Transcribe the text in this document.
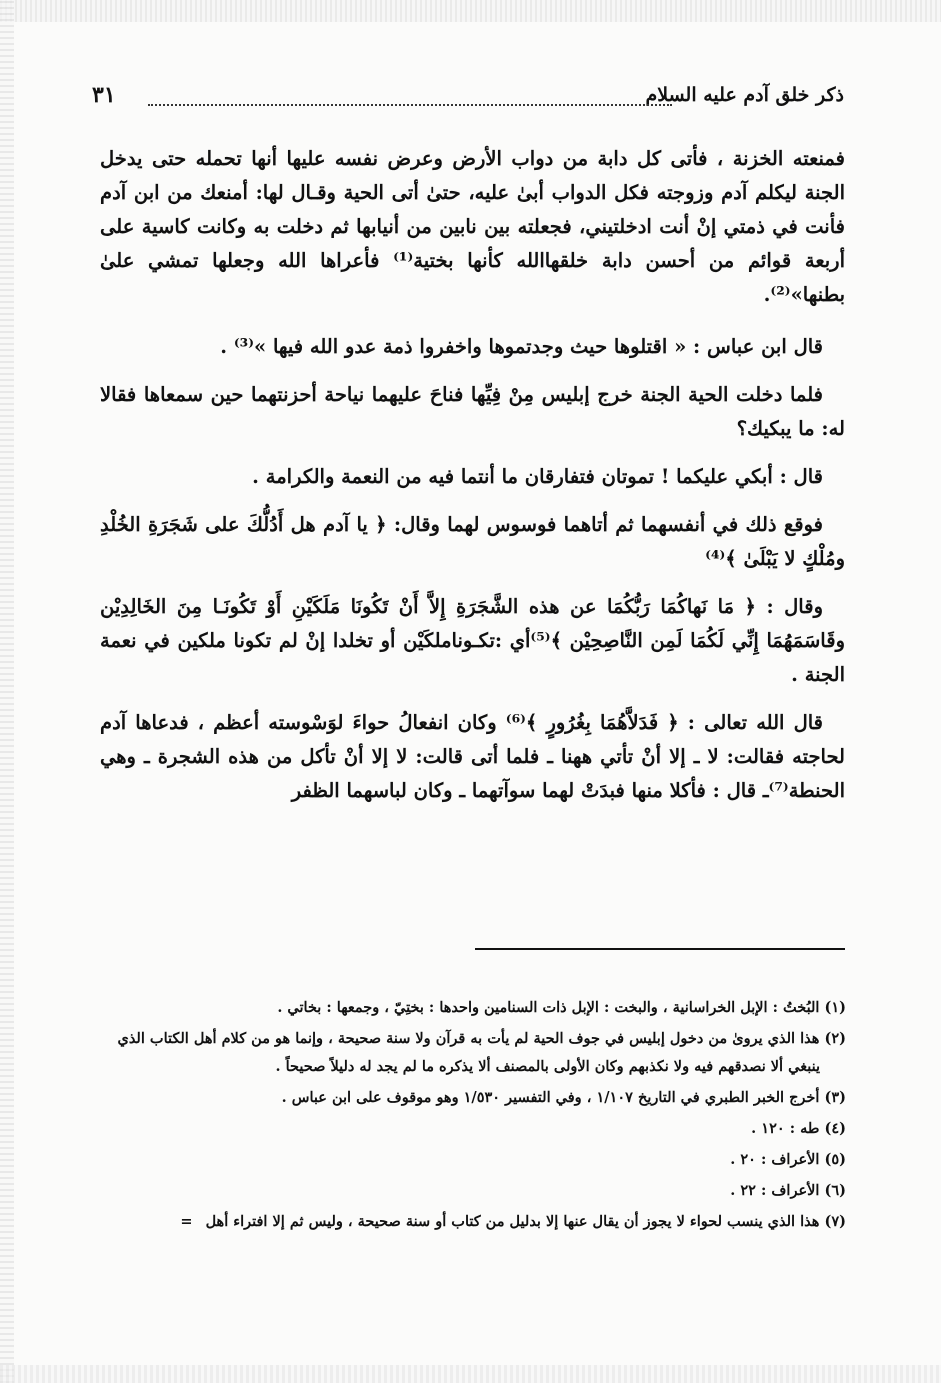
ذكر خلق آدم عليه السلام
٣١

فمنعته الخزنة ، فأتى كل دابة من دواب الأرض وعرض نفسه عليها أنها تحمله حتى يدخل الجنة ليكلم آدم وزوجته فكل الدواب أبىٰ عليه، حتىٰ أتى الحية وقـال لها: أمنعك من ابن آدم فأنت في ذمتي إنْ أنت ادخلتيني، فجعلته بين نابين من أنيابها ثم دخلت به وكانت كاسية على أربعة قوائم من أحسن دابة خلقهاالله كأنها بختية⁽¹⁾ فأعراها الله وجعلها تمشي علىٰ بطنها»⁽²⁾.

قال ابن عباس : « اقتلوها حيث وجدتموها واخفروا ذمة عدو الله فيها »⁽³⁾ .

فلما دخلت الحية الجنة خرج إبليس مِنْ فِيِّها فناحَ عليهما نياحة أحزنتهما حين سمعاها فقالا له: ما يبكيك؟

قال : أبكي عليكما ! تموتان فتفارقان ما أنتما فيه من النعمة والكرامة .

فوقع ذلك في أنفسهما ثم أتاهما فوسوس لهما وقال: ﴿ يا آدم هل أَدُلُّكَ على شَجَرَةِ الخُلْدِ ومُلْكٍ لا يَبْلَىٰ ﴾⁽⁴⁾

وقال : ﴿ مَا نَهاكُمَا رَبُّكُمَا عن هذه الشَّجَرَةِ إِلاَّ أَنْ تَكُونَا مَلَكَيْنِ أَوْ تَكُونَـا مِنَ الخَالِدِيْن وقَاسَمَهُمَا إِنِّي لَكُمَا لَمِن النَّاصِحِيْن ﴾⁽⁵⁾أي :تكـوناملكَيْن أو تخلدا إنْ لم تكونا ملكين في نعمة الجنة .

قال الله تعالى : ﴿ فَدَلاَّهُمَا بِغُرُورٍ ﴾⁽⁶⁾ وكان انفعالُ حواءَ لوَسْوسته أعظم ، فدعاها آدم لحاجته فقالت: لا ـ إلا أنْ تأتي ههنا ـ فلما أتى قالت: لا إلا أنْ تأكل من هذه الشجرة ـ وهي الحنطة⁽⁷⁾ـ قال : فأكلا منها فبدَتْ لهما سوآتهما ـ وكان لباسهما الظفر

(١) البُختُ : الإبل الخراسانية ، والبخت : الإبل ذات السنامين واحدها : بختِيّ ، وجمعها : بخاتي .
(٢) هذا الذي يروىٰ من دخول إبليس في جوف الحية لم يأت به قرآن ولا سنة صحيحة ، وإنما هو من كلام أهل الكتاب الذي ينبغي ألا نصدقهم فيه ولا نكذبهم وكان الأولى بالمصنف ألا يذكره ما لم يجد له دليلاً صحيحاً .
(٣) أخرج الخبر الطبري في التاريخ ١/١٠٧ ، وفي التفسير ١/٥٣٠ وهو موقوف على ابن عباس .
(٤) طه : ١٢٠ .
(٥) الأعراف : ٢٠ .
(٦) الأعراف : ٢٢ .
(٧) هذا الذي ينسب لحواء لا يجوز أن يقال عنها إلا بدليل من كتاب أو سنة صحيحة ، وليس ثم إلا افتراء أهل =
